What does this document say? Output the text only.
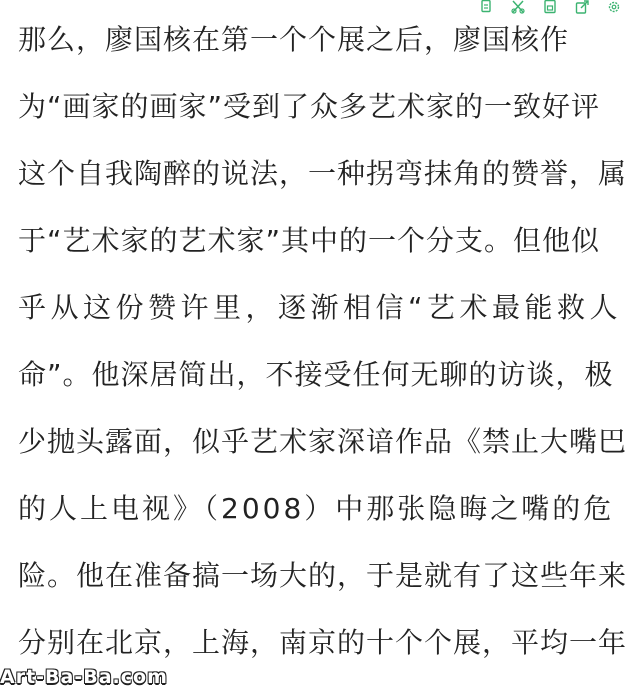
那么，廖国核在第一个个展之后，廖国核作
为“画家的画家”受到了众多艺术家的一致好评
这个自我陶醉的说法，一种拐弯抹角的赞誉，属
于“艺术家的艺术家”其中的一个分支。但他似
乎从这份赞许里，逐渐相信“艺术最能救人
命”。他深居简出，不接受任何无聊的访谈，极
少抛头露面，似乎艺术家深谙作品《禁止大嘴巴
的人上电视》（2008）中那张隐晦之嘴的危
险。他在准备搞一场大的，于是就有了这些年来
分别在北京，上海，南京的十个个展，平均一年
Art-Ba-Ba.com
